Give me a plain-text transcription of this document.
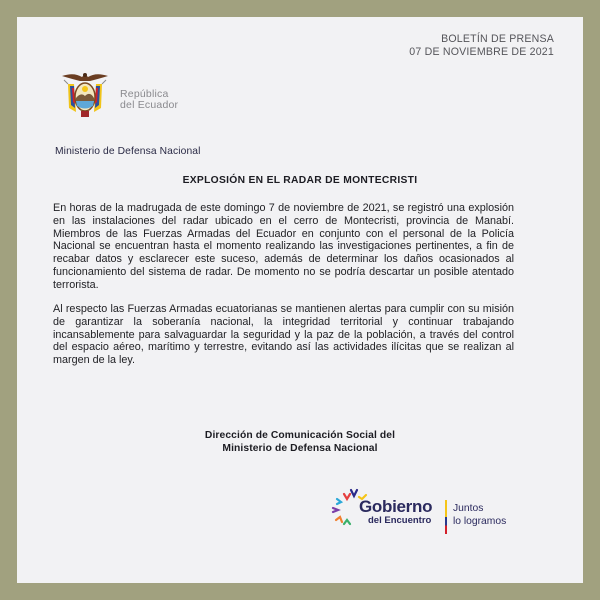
BOLETÍN DE PRENSA
07 DE NOVIEMBRE DE 2021
República
del Ecuador
Ministerio de Defensa Nacional
EXPLOSIÓN EN EL RADAR DE MONTECRISTI
En horas de la madrugada de este domingo 7 de noviembre de 2021, se registró una explosión en las instalaciones del radar ubicado en el cerro de Montecristi, provincia de Manabí. Miembros de las Fuerzas Armadas del Ecuador en conjunto con el personal de la Policía Nacional se encuentran hasta el momento realizando las investigaciones pertinentes, a fin de recabar datos y esclarecer este suceso, además de determinar los daños ocasionados al funcionamiento del sistema de radar. De momento no se podría descartar un posible atentado terrorista.
Al respecto las Fuerzas Armadas ecuatorianas se mantienen alertas para cumplir con su misión de garantizar la soberanía nacional, la integridad territorial y continuar trabajando incansablemente para salvaguardar la seguridad y la paz de la población, a través del control del espacio aéreo, marítimo y terrestre, evitando así las actividades ilícitas que se realizan al margen de la ley.
Dirección de Comunicación Social del
Ministerio de Defensa Nacional
Gobierno
del Encuentro
Juntos
lo logramos
